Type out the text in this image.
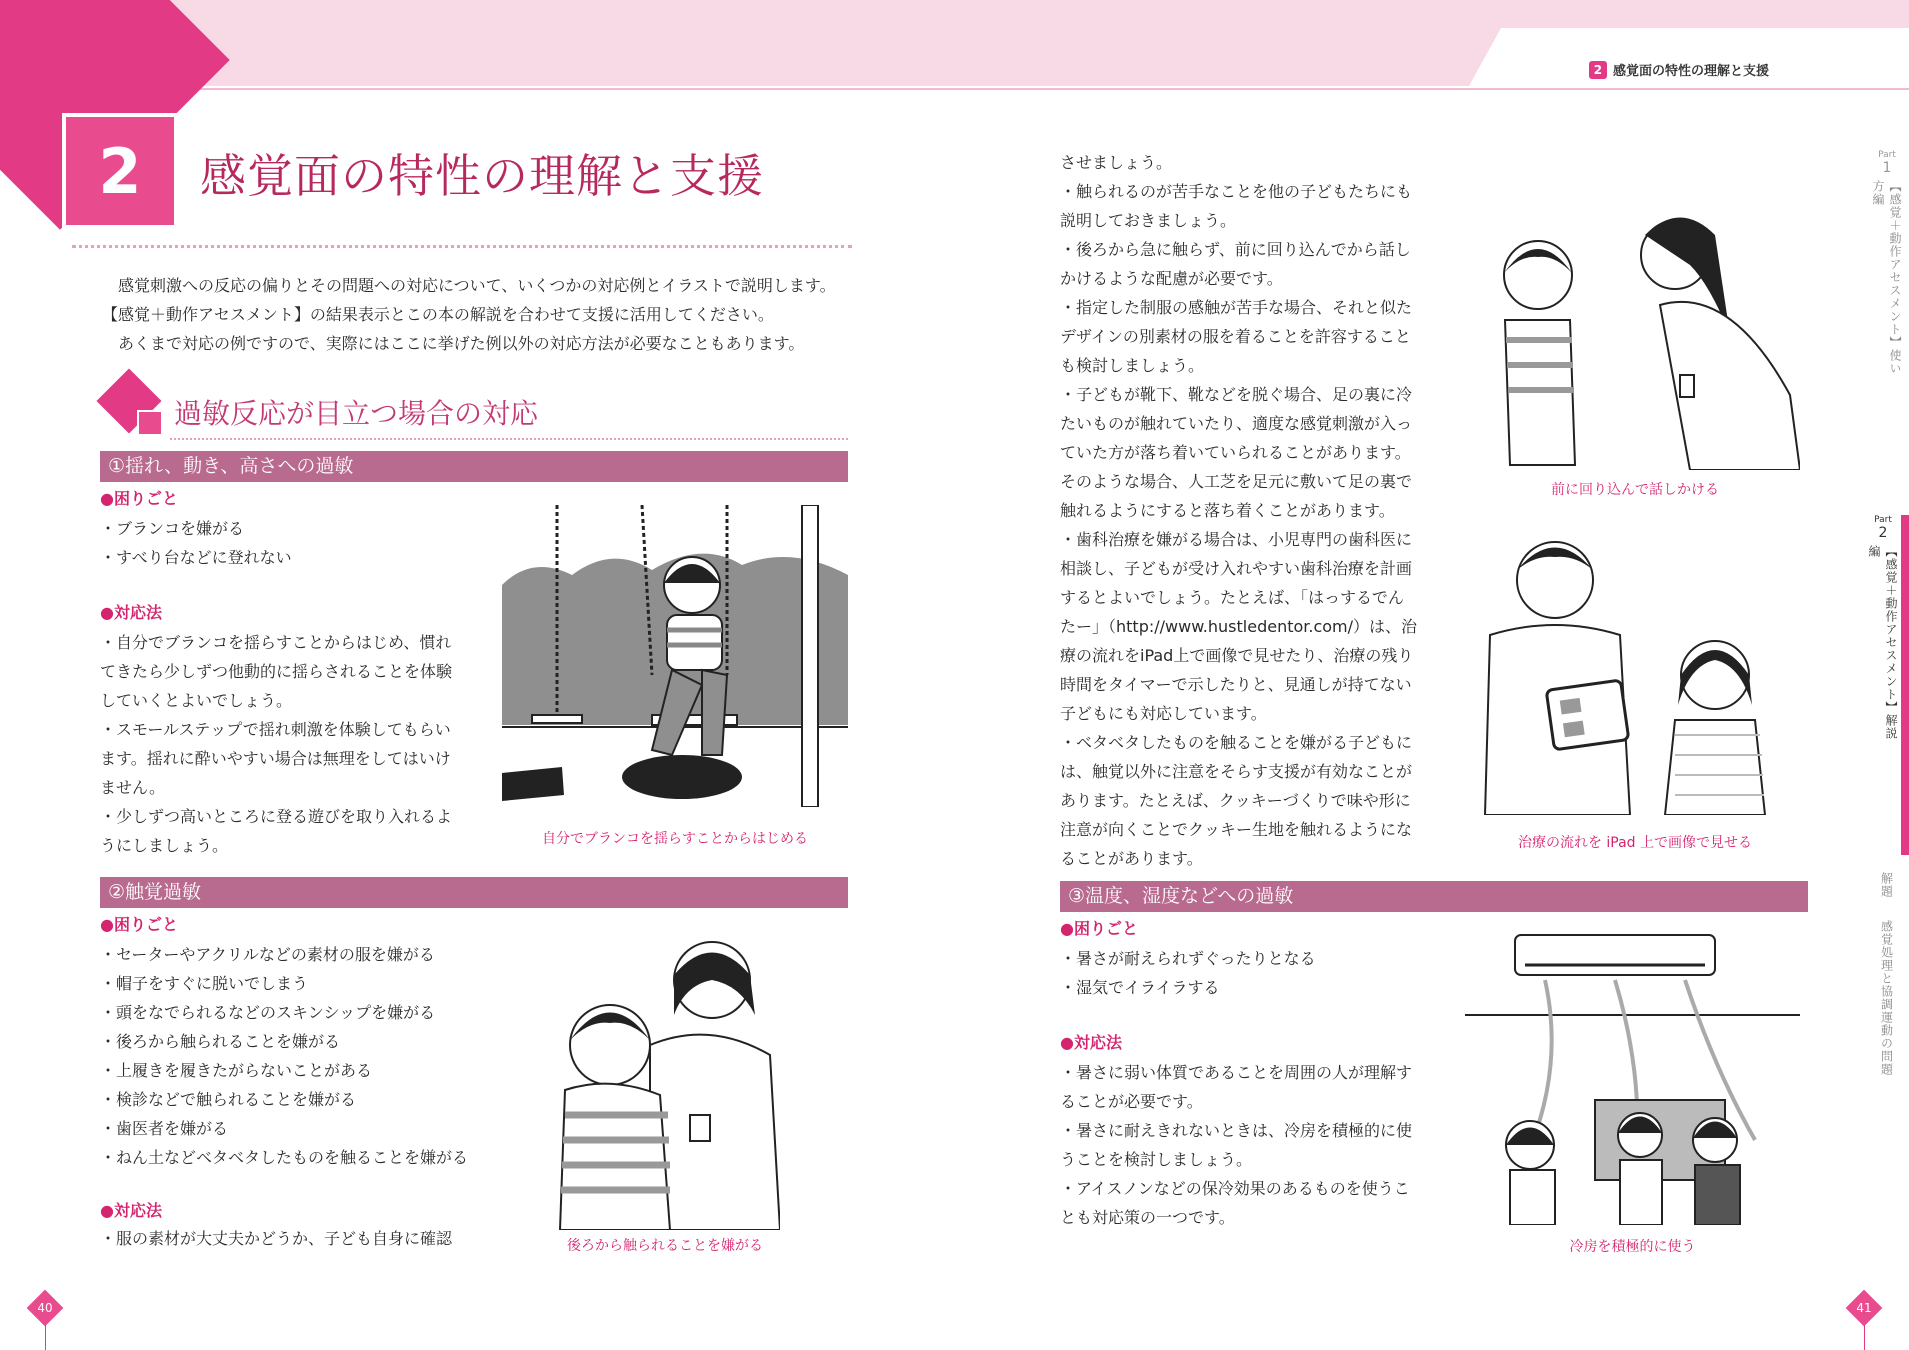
2	感覚面の特性の理解と支援
2 感覚面の特性の理解と支援

感覚刺激への反応の偏りとその問題への対応について、いくつかの対応例とイラストで説明します。【感覚＋動作アセスメント】の結果表示とこの本の解説を合わせて支援に活用してください。

あくまで対応の例ですので、実際にはここに挙げた例以外の対応方法が必要なこともあります。

過敏反応が目立つ場合の対応
①揺れ、動き、高さへの過敏
●困りごと
・ブランコを嫌がる
・すべり台などに登れない
●対応法
・自分でブランコを揺らすことからはじめ、慣れ
てきたら少しずつ他動的に揺らされることを体験
していくとよいでしょう。
・スモールステップで揺れ刺激を体験してもらい
ます。揺れに酔いやすい場合は無理をしてはいけ
ません。
・少しずつ高いところに登る遊びを取り入れるよ
うにしましょう。	自分でブランコを揺らすことからはじめる
②触覚過敏
●困りごと
・セーターやアクリルなどの素材の服を嫌がる
・帽子をすぐに脱いでしまう
・頭をなでられるなどのスキンシップを嫌がる
・後ろから触られることを嫌がる
・上履きを履きたがらないことがある
・検診などで触られることを嫌がる
・歯医者を嫌がる
・ねん土などベタベタしたものを触ることを嫌がる
●対応法
・服の素材が大丈夫かどうか、子ども自身に確認	後ろから触られることを嫌がる
させましょう。
・触られるのが苦手なことを他の子どもたちにも
説明しておきましょう。
・後ろから急に触らず、前に回り込んでから話し
かけるような配慮が必要です。
・指定した制服の感触が苦手な場合、それと似た
デザインの別素材の服を着ることを許容すること
も検討しましょう。
・子どもが靴下、靴などを脱ぐ場合、足の裏に冷
たいものが触れていたり、適度な感覚刺激が入っ
ていた方が落ち着いていられることがあります。
そのような場合、人工芝を足元に敷いて足の裏で
触れるようにすると落ち着くことがあります。
・歯科治療を嫌がる場合は、小児専門の歯科医に
相談し、子どもが受け入れやすい歯科治療を計画
するとよいでしょう。たとえば、「はっするでん
たー」（http://www.hustledentor.com/）は、治
療の流れをiPad上で画像で見せたり、治療の残り
時間をタイマーで示したりと、見通しが持てない
子どもにも対応しています。
・ベタベタしたものを触ることを嫌がる子どもに
は、触覚以外に注意をそらす支援が有効なことが
あります。たとえば、クッキーづくりで味や形に
注意が向くことでクッキー生地を触れるようにな
ることがあります。
前に回り込んで話しかける
治療の流れを iPad 上で画像で見せる
③温度、湿度などへの過敏
●困りごと
・暑さが耐えられずぐったりとなる
・湿気でイライラする
●対応法
・暑さに弱い体質であることを周囲の人が理解す
ることが必要です。
・暑さに耐えきれないときは、冷房を積極的に使
うことを検討しましょう。
・アイスノンなどの保冷効果のあるものを使うこ
とも対応策の一つです。
冷房を積極的に使う
Part
1
【感覚＋動作アセスメント】使い方編
Part
2
【感覚＋動作アセスメント】解説編
解題
感覚処理と協調運動の問題
40	41
